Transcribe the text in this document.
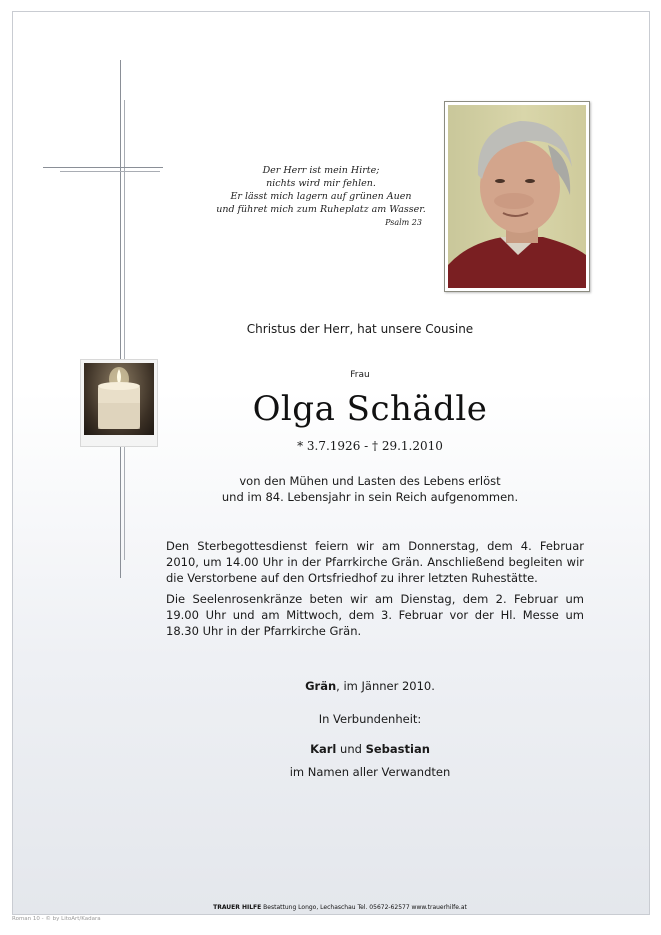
Der Herr ist mein Hirte;
nichts wird mir fehlen.
Er lässt mich lagern auf grünen Auen
und führet mich zum Ruheplatz am Wasser.
Psalm 23
Christus der Herr, hat unsere Cousine
Frau
Olga Schädle
* 3.7.1926 - † 29.1.2010
von den Mühen und Lasten des Lebens erlöst
und im 84. Lebensjahr in sein Reich aufgenommen.
Den Sterbegottesdienst feiern wir am Donnerstag, dem 4. Februar 2010, um 14.00 Uhr in der Pfarrkirche Grän. Anschließend begleiten wir die Verstorbene auf den Ortsfriedhof zu ihrer letzten Ruhestätte.
Die Seelenrosenkränze beten wir am Dienstag, dem 2. Februar um 19.00 Uhr und am Mittwoch, dem 3. Februar vor der Hl. Messe um 18.30 Uhr in der Pfarrkirche Grän.
Grän, im Jänner 2010.
In Verbundenheit:
Karl und Sebastian
im Namen aller Verwandten
TRAUER HILFE Bestattung Longo, Lechaschau Tel. 05672-62577 www.trauerhilfe.at
Roman 10 - © by LitoArt/Kadara
